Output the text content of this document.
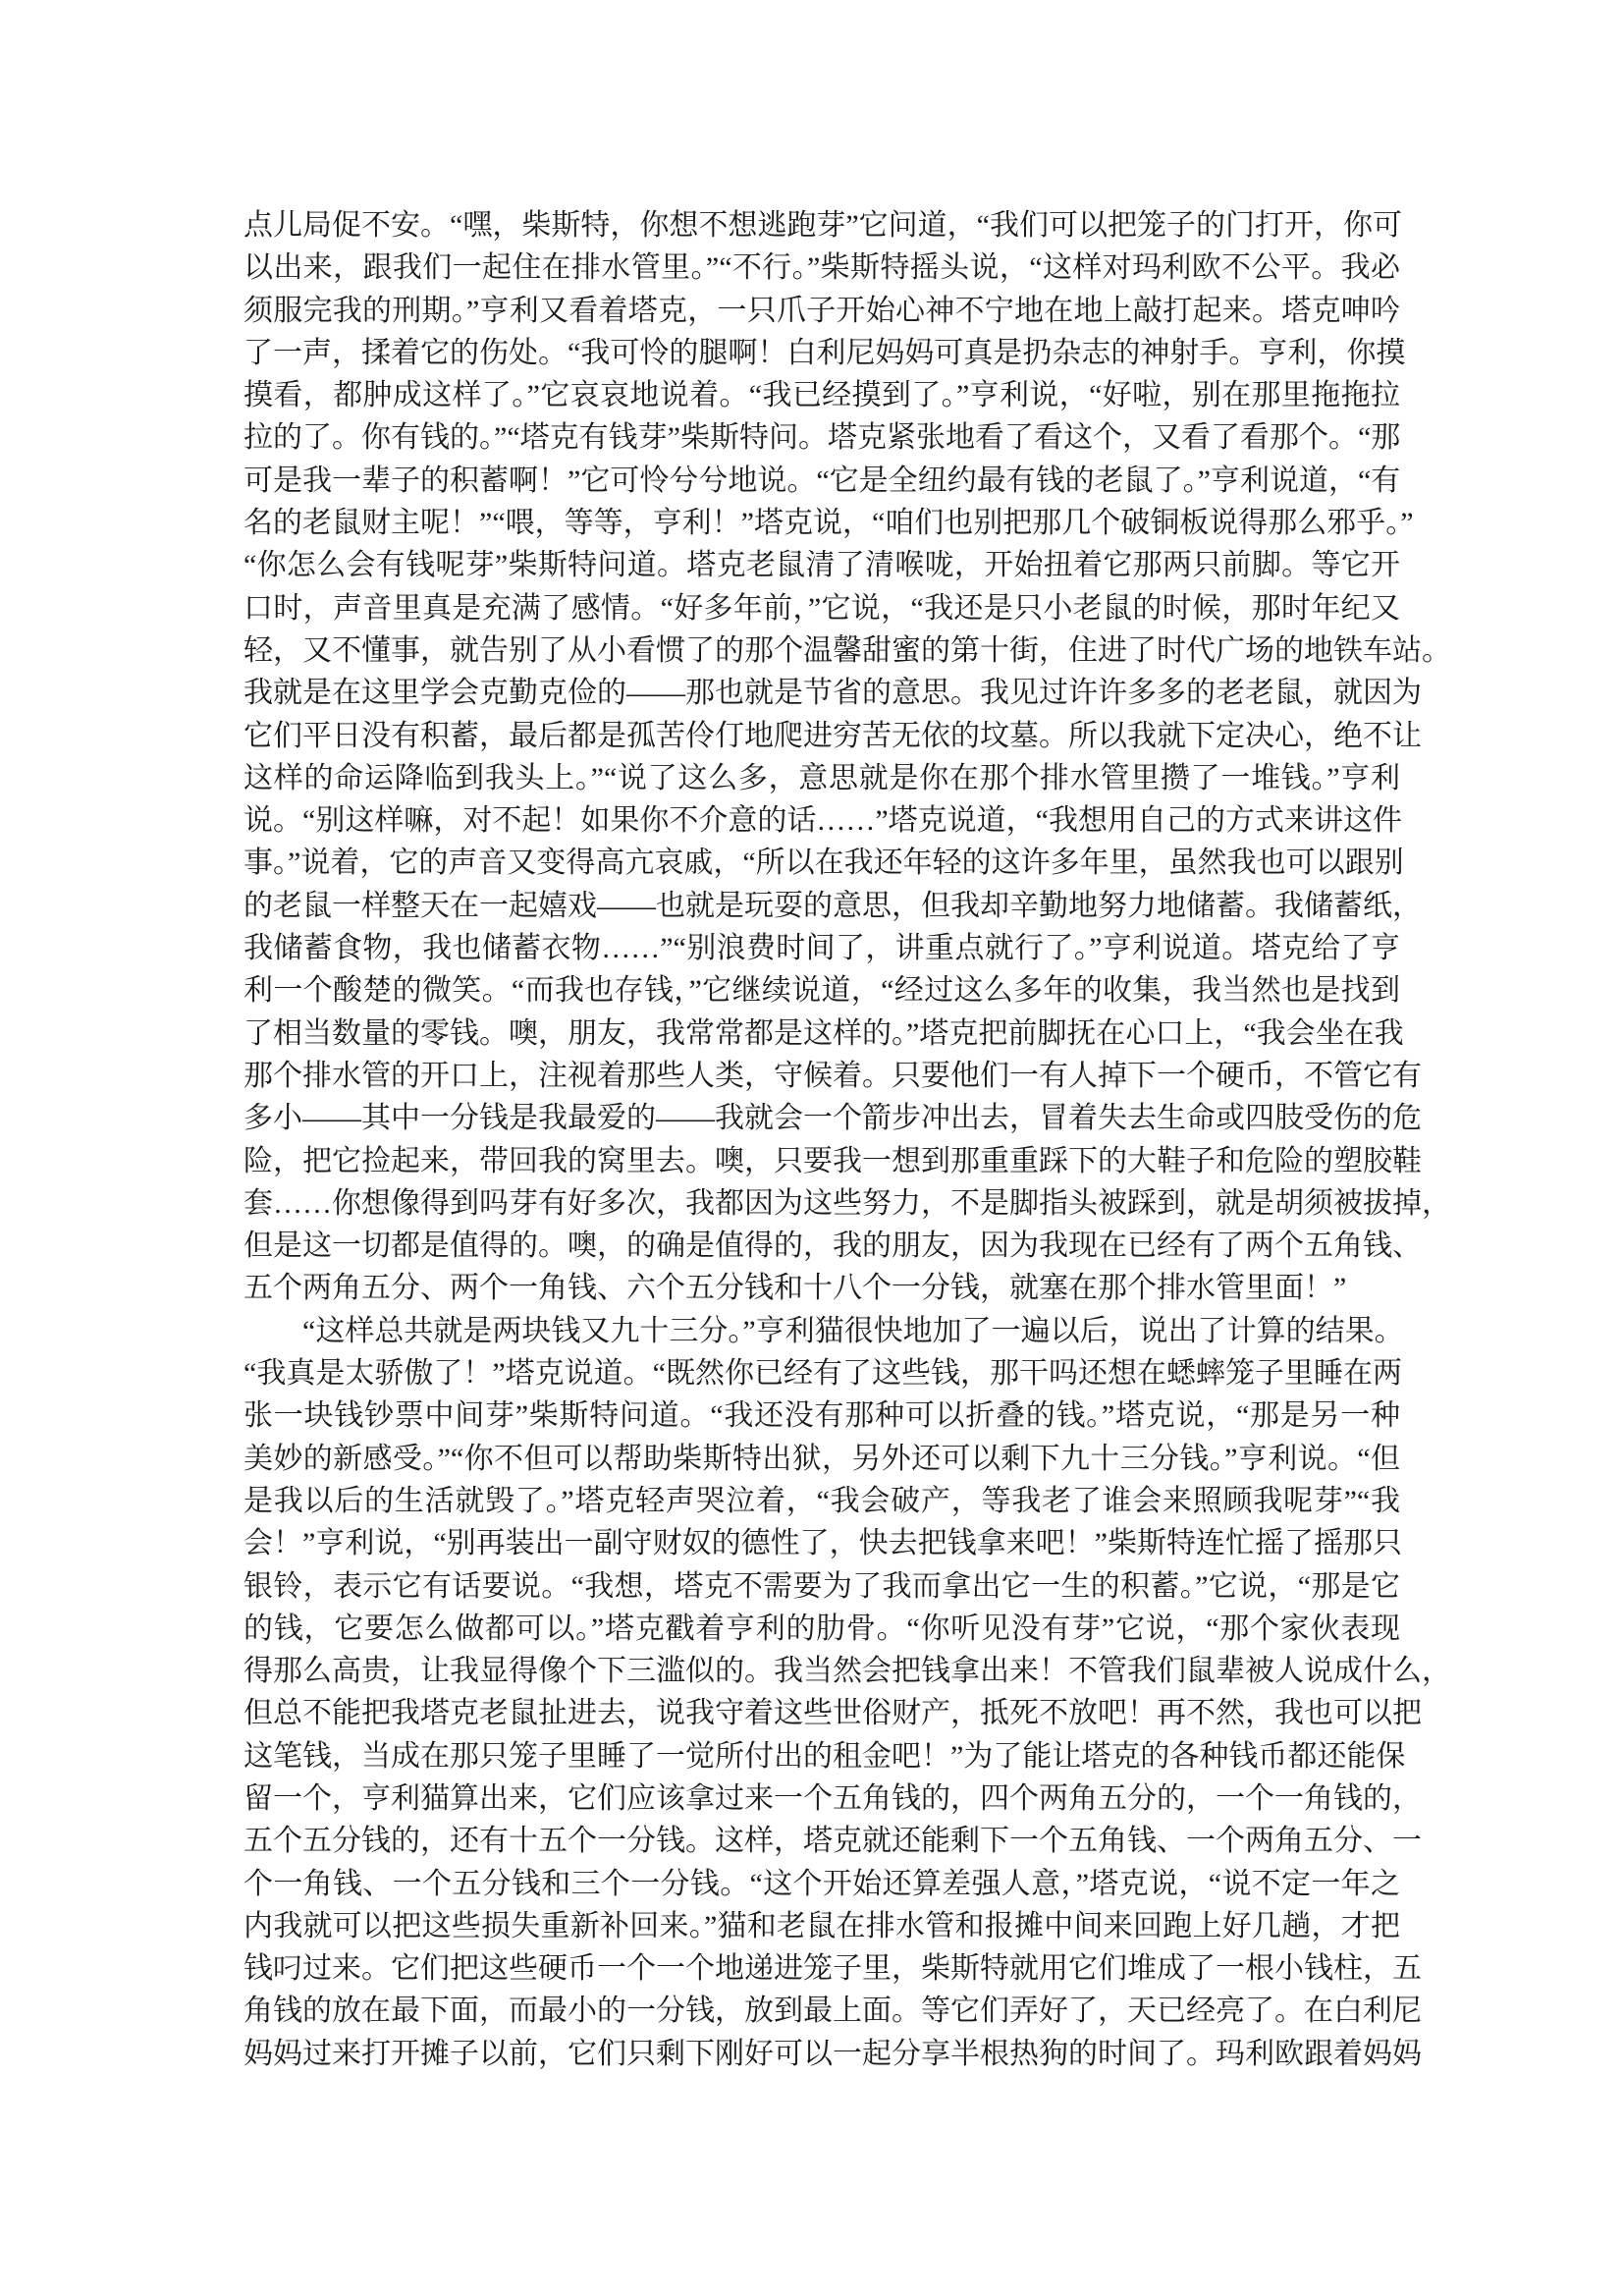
点儿局促不安。“嘿，柴斯特，你想不想逃跑芽”它问道，“我们可以把笼子的门打开，你可
以出来，跟我们一起住在排水管里。”“不行。”柴斯特摇头说，“这样对玛利欧不公平。我必
须服完我的刑期。”亨利又看着塔克，一只爪子开始心神不宁地在地上敲打起来。塔克呻吟
了一声，揉着它的伤处。“我可怜的腿啊！白利尼妈妈可真是扔杂志的神射手。亨利，你摸
摸看，都肿成这样了。”它哀哀地说着。“我已经摸到了。”亨利说，“好啦，别在那里拖拖拉
拉的了。你有钱的。”“塔克有钱芽”柴斯特问。塔克紧张地看了看这个，又看了看那个。“那
可是我一辈子的积蓄啊！”它可怜兮兮地说。“它是全纽约最有钱的老鼠了。”亨利说道，“有
名的老鼠财主呢！”“喂，等等，亨利！”塔克说，“咱们也别把那几个破铜板说得那么邪乎。”
“你怎么会有钱呢芽”柴斯特问道。塔克老鼠清了清喉咙，开始扭着它那两只前脚。等它开
口时，声音里真是充满了感情。“好多年前，”它说，“我还是只小老鼠的时候，那时年纪又
轻，又不懂事，就告别了从小看惯了的那个温馨甜蜜的第十街，住进了时代广场的地铁车站。
我就是在这里学会克勤克俭的——那也就是节省的意思。我见过许许多多的老老鼠，就因为
它们平日没有积蓄，最后都是孤苦伶仃地爬进穷苦无依的坟墓。所以我就下定决心，绝不让
这样的命运降临到我头上。”“说了这么多，意思就是你在那个排水管里攒了一堆钱。”亨利
说。“别这样嘛，对不起！如果你不介意的话……”塔克说道，“我想用自己的方式来讲这件
事。”说着，它的声音又变得高亢哀戚，“所以在我还年轻的这许多年里，虽然我也可以跟别
的老鼠一样整天在一起嬉戏——也就是玩耍的意思，但我却辛勤地努力地储蓄。我储蓄纸，
我储蓄食物，我也储蓄衣物……”“别浪费时间了，讲重点就行了。”亨利说道。塔克给了亨
利一个酸楚的微笑。“而我也存钱，”它继续说道，“经过这么多年的收集，我当然也是找到
了相当数量的零钱。噢，朋友，我常常都是这样的。”塔克把前脚抚在心口上，“我会坐在我
那个排水管的开口上，注视着那些人类，守候着。只要他们一有人掉下一个硬币，不管它有
多小——其中一分钱是我最爱的——我就会一个箭步冲出去，冒着失去生命或四肢受伤的危
险，把它捡起来，带回我的窝里去。噢，只要我一想到那重重踩下的大鞋子和危险的塑胶鞋
套……你想像得到吗芽有好多次，我都因为这些努力，不是脚指头被踩到，就是胡须被拔掉，
但是这一切都是值得的。噢，的确是值得的，我的朋友，因为我现在已经有了两个五角钱、
五个两角五分、两个一角钱、六个五分钱和十八个一分钱，就塞在那个排水管里面！”
“这样总共就是两块钱又九十三分。”亨利猫很快地加了一遍以后，说出了计算的结果。
“我真是太骄傲了！”塔克说道。“既然你已经有了这些钱，那干吗还想在蟋蟀笼子里睡在两
张一块钱钞票中间芽”柴斯特问道。“我还没有那种可以折叠的钱。”塔克说，“那是另一种
美妙的新感受。”“你不但可以帮助柴斯特出狱，另外还可以剩下九十三分钱。”亨利说。“但
是我以后的生活就毁了。”塔克轻声哭泣着，“我会破产，等我老了谁会来照顾我呢芽”“我
会！”亨利说，“别再装出一副守财奴的德性了，快去把钱拿来吧！”柴斯特连忙摇了摇那只
银铃，表示它有话要说。“我想，塔克不需要为了我而拿出它一生的积蓄。”它说，“那是它
的钱，它要怎么做都可以。”塔克戳着亨利的肋骨。“你听见没有芽”它说，“那个家伙表现
得那么高贵，让我显得像个下三滥似的。我当然会把钱拿出来！不管我们鼠辈被人说成什么，
但总不能把我塔克老鼠扯进去，说我守着这些世俗财产，抵死不放吧！再不然，我也可以把
这笔钱，当成在那只笼子里睡了一觉所付出的租金吧！”为了能让塔克的各种钱币都还能保
留一个，亨利猫算出来，它们应该拿过来一个五角钱的，四个两角五分的，一个一角钱的，
五个五分钱的，还有十五个一分钱。这样，塔克就还能剩下一个五角钱、一个两角五分、一
个一角钱、一个五分钱和三个一分钱。“这个开始还算差强人意，”塔克说，“说不定一年之
内我就可以把这些损失重新补回来。”猫和老鼠在排水管和报摊中间来回跑上好几趟，才把
钱叼过来。它们把这些硬币一个一个地递进笼子里，柴斯特就用它们堆成了一根小钱柱，五
角钱的放在最下面，而最小的一分钱，放到最上面。等它们弄好了，天已经亮了。在白利尼
妈妈过来打开摊子以前，它们只剩下刚好可以一起分享半根热狗的时间了。玛利欧跟着妈妈
